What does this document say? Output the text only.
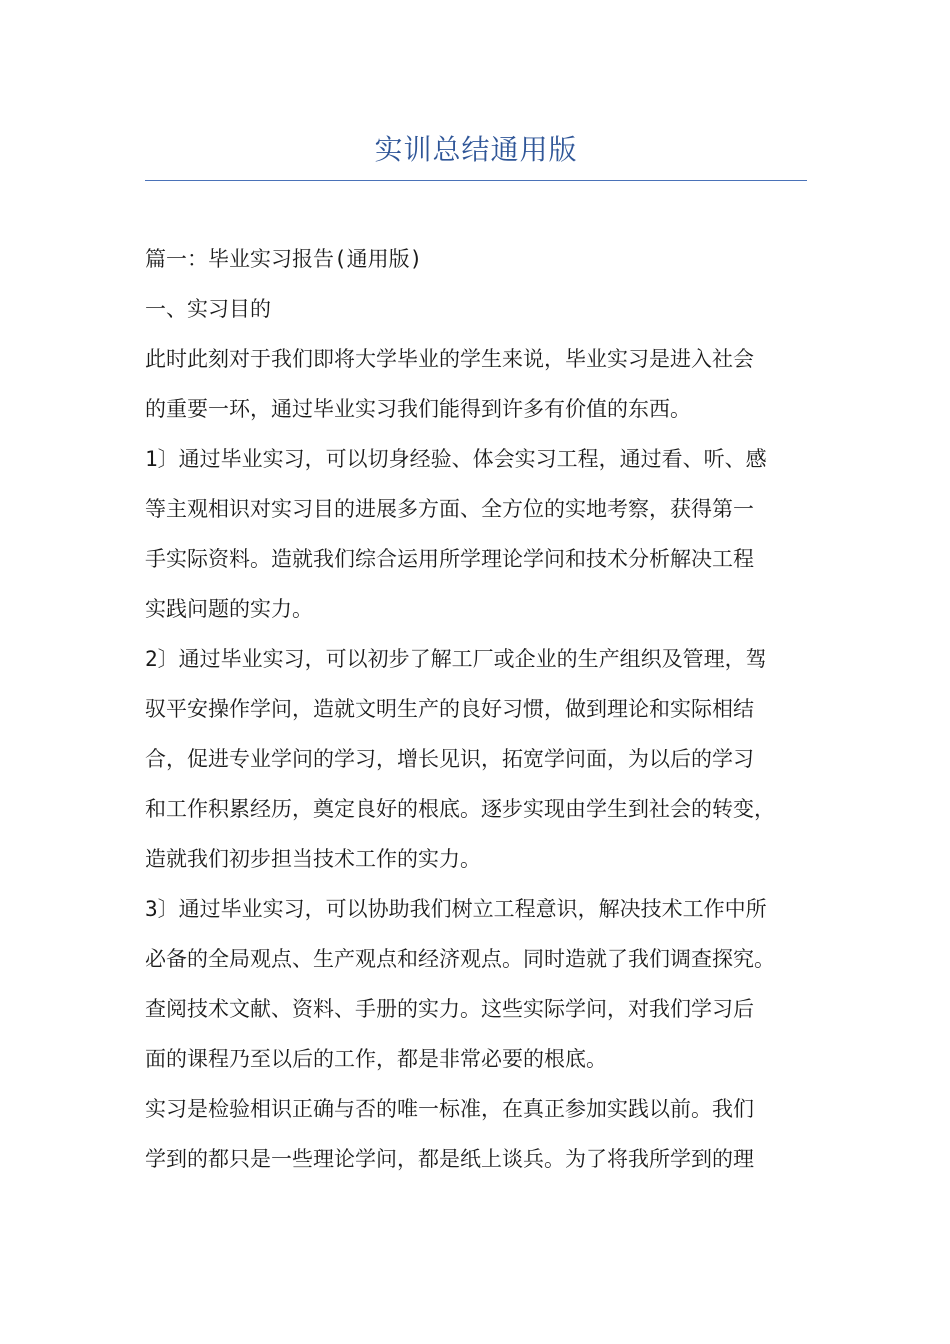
实训总结通用版

篇一：毕业实习报告(通用版)

一、实习目的

此时此刻对于我们即将大学毕业的学生来说，毕业实习是进入社会

的重要一环，通过毕业实习我们能得到许多有价值的东西。

1〕通过毕业实习，可以切身经验、体会实习工程，通过看、听、感

等主观相识对实习目的进展多方面、全方位的实地考察，获得第一

手实际资料。造就我们综合运用所学理论学问和技术分析解决工程

实践问题的实力。

2〕通过毕业实习，可以初步了解工厂或企业的生产组织及管理，驾

驭平安操作学问，造就文明生产的良好习惯，做到理论和实际相结

合，促进专业学问的学习，增长见识，拓宽学问面，为以后的学习

和工作积累经历，奠定良好的根底。逐步实现由学生到社会的转变，

造就我们初步担当技术工作的实力。

3〕通过毕业实习，可以协助我们树立工程意识，解决技术工作中所

必备的全局观点、生产观点和经济观点。同时造就了我们调查探究。

查阅技术文献、资料、手册的实力。这些实际学问，对我们学习后

面的课程乃至以后的工作，都是非常必要的根底。

实习是检验相识正确与否的唯一标准，在真正参加实践以前。我们

学到的都只是一些理论学问，都是纸上谈兵。为了将我所学到的理
